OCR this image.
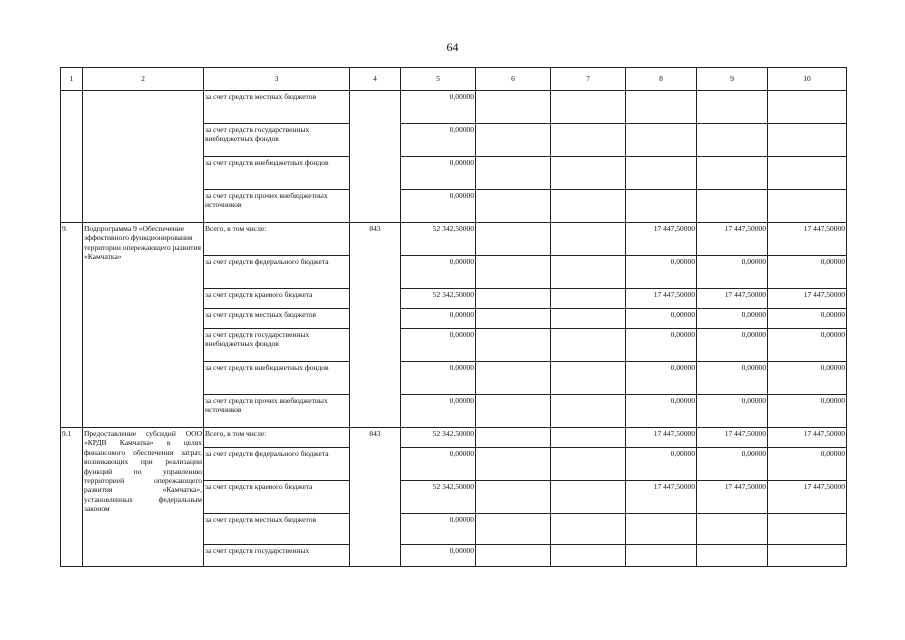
64
1	2	3	4	5	6	7	8	9	10
		за счет средств местных бюджетов		0,00000					
		за счет средств государственных внебюджетных фондов		0,00000					
		за счет средств внебюджетных фондов		0,00000					
		за счет средств прочих внебюджетных источников		0,00000					
9.	Подпрограмма 9 «Обеспечение эффективного функционирования территории опережающего развития «Камчатка»	Всего, в том числе:	843	52 342,50000			17 447,50000	17 447,50000	17 447,50000
		за счет средств федерального бюджета		0,00000			0,00000	0,00000	0,00000
		за счет средств краевого бюджета		52 342,50000			17 447,50000	17 447,50000	17 447,50000
		за счет средств местных бюджетов		0,00000			0,00000	0,00000	0,00000
		за счет средств государственных внебюджетных фондов		0,00000			0,00000	0,00000	0,00000
		за счет средств внебюджетных фондов		0,00000			0,00000	0,00000	0,00000
		за счет средств прочих внебюджетных источников		0,00000			0,00000	0,00000	0,00000
9.1	Предоставление субсидий ООО «КРДВ Камчатка» в целях финансового обеспечения затрат, возникающих при реализации функций по управлению территорией опережающего развития «Камчатка», установленных федеральным законом	Всего, в том числе:	843	52 342,50000			17 447,50000	17 447,50000	17 447,50000
		за счет средств федерального бюджета		0,00000			0,00000	0,00000	0,00000
		за счет средств краевого бюджета		52 342,50000			17 447,50000	17 447,50000	17 447,50000
		за счет средств местных бюджетов		0,00000					
		за счет средств государственных		0,00000					
